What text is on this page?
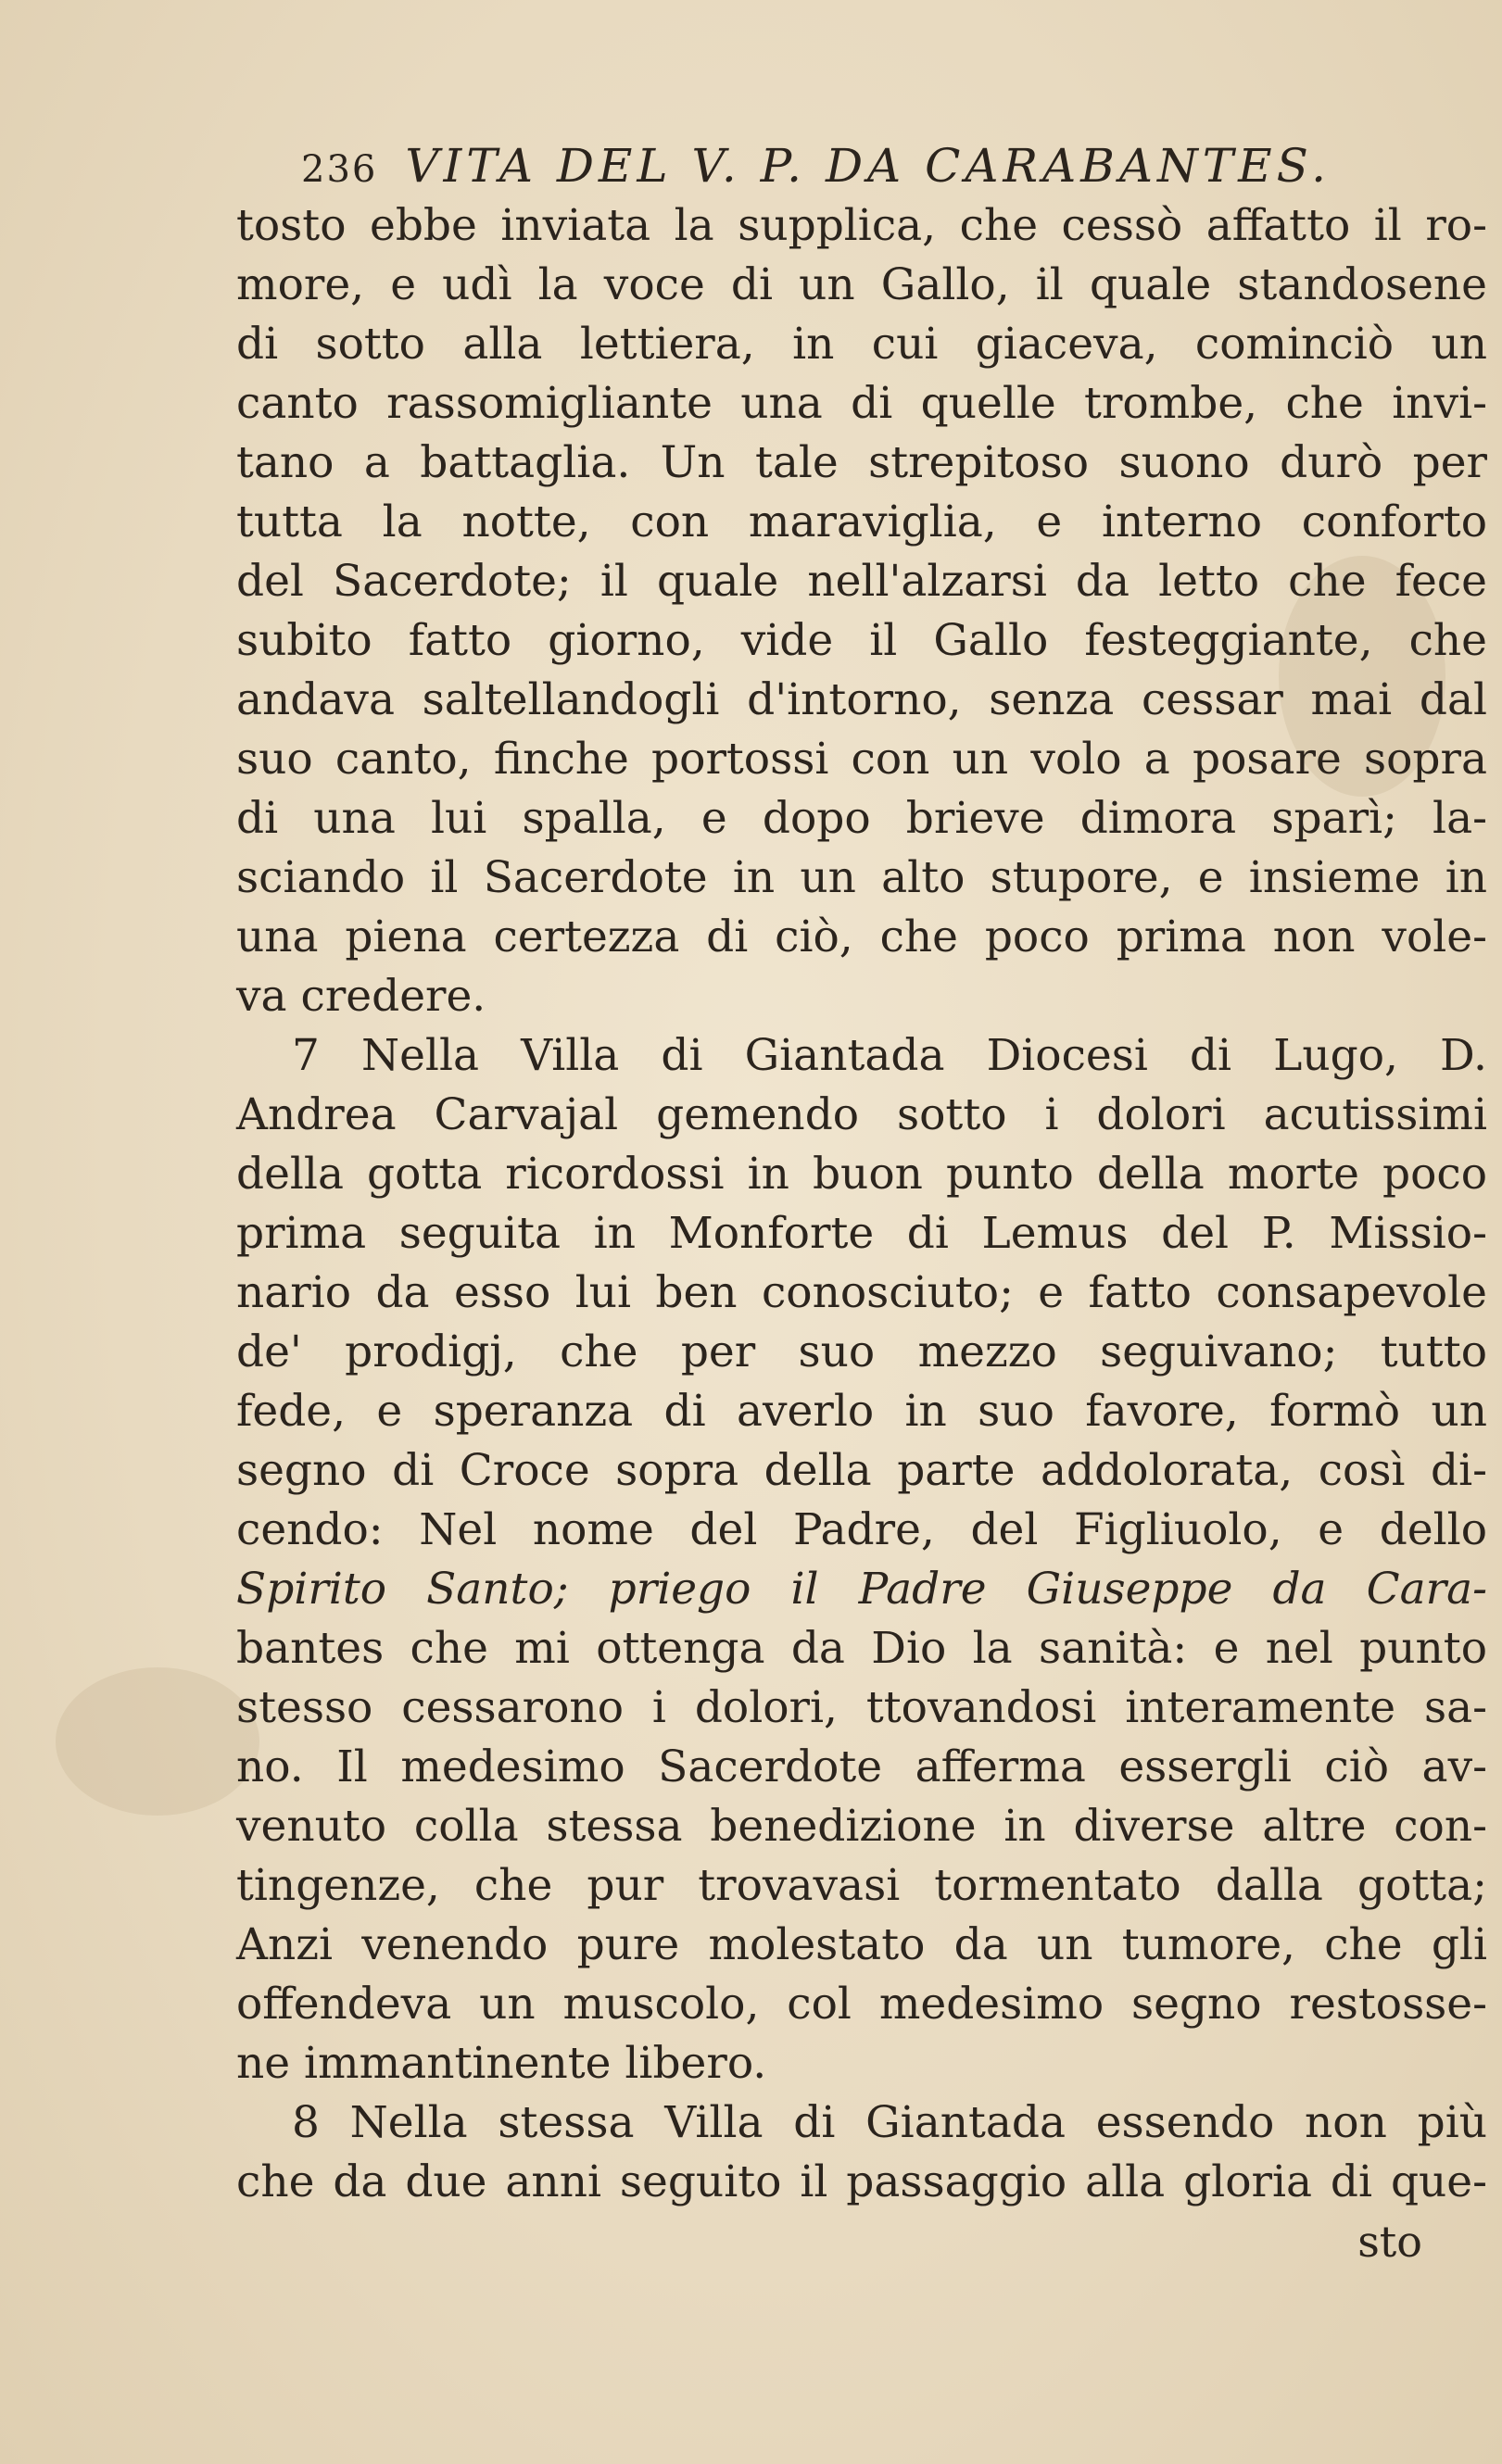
236 VITA DEL V. P. DA CARABANTES.
tosto ebbe inviata la supplica, che cessò affatto il ro-
more, e udì la voce di un Gallo, il quale standosene
di sotto alla lettiera, in cui giaceva, cominciò un
canto rassomigliante una di quelle trombe, che invi-
tano a battaglia. Un tale strepitoso suono durò per
tutta la notte, con maraviglia, e interno conforto
del Sacerdote; il quale nell'alzarsi da letto che fece
subito fatto giorno, vide il Gallo festeggiante, che
andava saltellandogli d'intorno, senza cessar mai dal
suo canto, finche portossi con un volo a posare sopra
di una lui spalla, e dopo brieve dimora sparì; la-
sciando il Sacerdote in un alto stupore, e insieme in
una piena certezza di ciò, che poco prima non vole-
va credere.
7 Nella Villa di Giantada Diocesi di Lugo, D.
Andrea Carvajal gemendo sotto i dolori acutissimi
della gotta ricordossi in buon punto della morte poco
prima seguita in Monforte di Lemus del P. Missio-
nario da esso lui ben conosciuto; e fatto consapevole
de' prodigj, che per suo mezzo seguivano; tutto
fede, e speranza di averlo in suo favore, formò un
segno di Croce sopra della parte addolorata, così di-
cendo: Nel nome del Padre, del Figliuolo, e dello
Spirito Santo; priego il Padre Giuseppe da Cara-
bantes che mi ottenga da Dio la sanità: e nel punto
stesso cessarono i dolori, ttovandosi interamente sa-
no. Il medesimo Sacerdote afferma essergli ciò av-
venuto colla stessa benedizione in diverse altre con-
tingenze, che pur trovavasi tormentato dalla gotta;
Anzi venendo pure molestato da un tumore, che gli
offendeva un muscolo, col medesimo segno restosse-
ne immantinente libero.
8 Nella stessa Villa di Giantada essendo non più
che da due anni seguito il passaggio alla gloria di que-
sto
